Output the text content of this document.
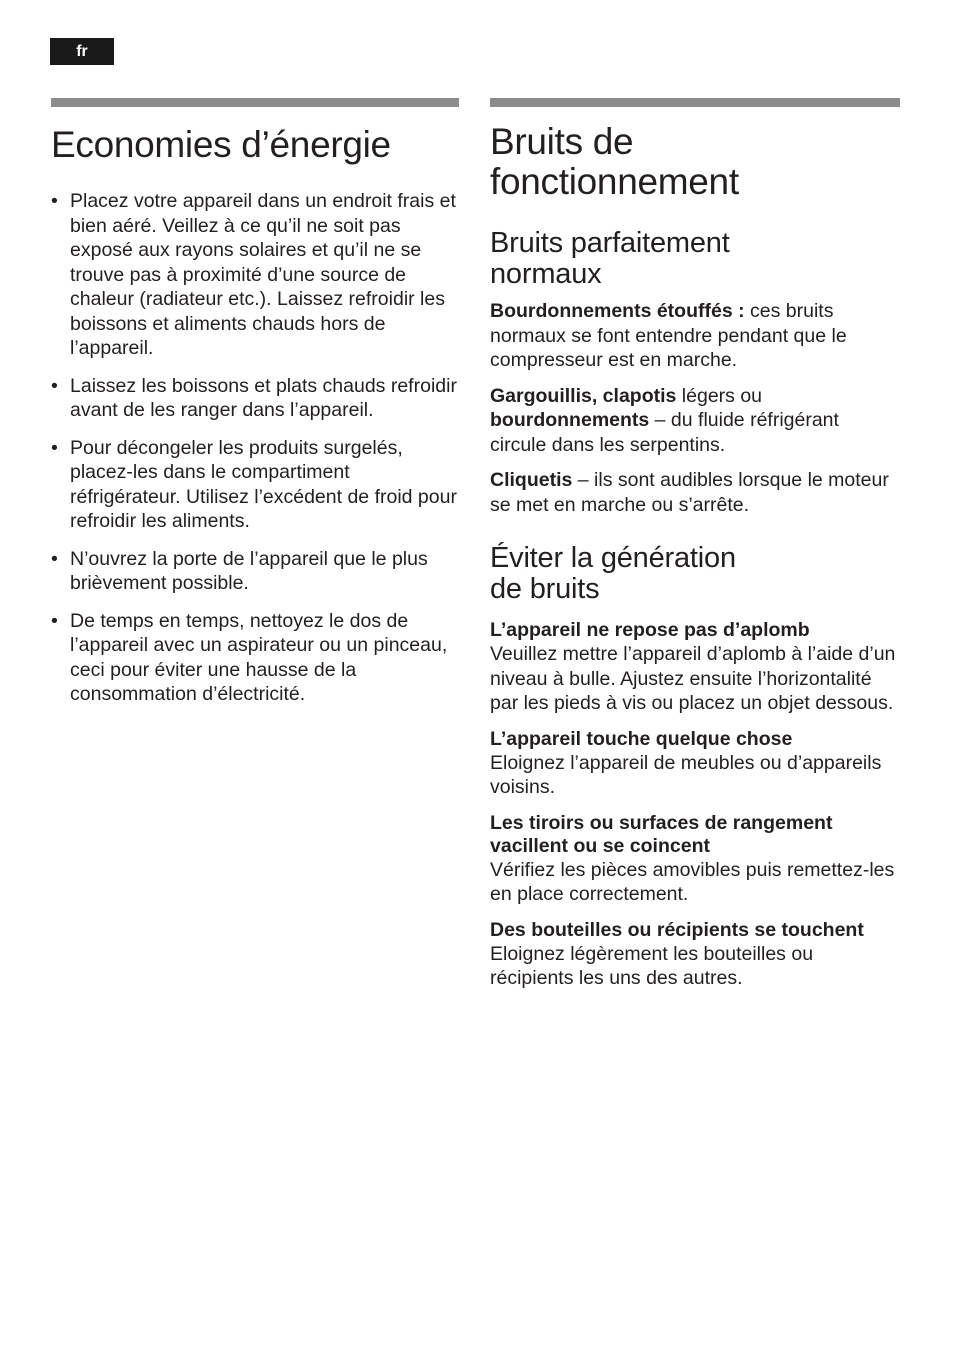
fr
Economies d’énergie
• Placez votre appareil dans un endroit frais et bien aéré. Veillez à ce qu’il ne soit pas exposé aux rayons solaires et qu’il ne se trouve pas à proximité d’une source de chaleur (radiateur etc.). Laissez refroidir les boissons et aliments chauds hors de l’appareil.
• Laissez les boissons et plats chauds refroidir avant de les ranger dans l’appareil.
• Pour décongeler les produits surgelés, placez-les dans le compartiment réfrigérateur. Utilisez l’excédent de froid pour refroidir les aliments.
• N’ouvrez la porte de l’appareil que le plus brièvement possible.
• De temps en temps, nettoyez le dos de l’appareil avec un aspirateur ou un pinceau, ceci pour éviter une hausse de la consommation d’électricité.
Bruits de
fonctionnement
Bruits parfaitement
normaux

Bourdonnements étouffés : ces bruits normaux se font entendre pendant que le compresseur est en marche.

Gargouillis, clapotis légers ou bourdonnements – du fluide réfrigérant circule dans les serpentins.

Cliquetis – ils sont audibles lorsque le moteur se met en marche ou s’arrête.

Éviter la génération
de bruits
L’appareil ne repose pas d’aplomb

Veuillez mettre l’appareil d’aplomb à l’aide d’un niveau à bulle. Ajustez ensuite l’horizontalité par les pieds à vis ou placez un objet dessous.

L’appareil touche quelque chose

Eloignez l’appareil de meubles ou d’appareils voisins.

Les tiroirs ou surfaces de rangement vacillent ou se coincent

Vérifiez les pièces amovibles puis remettez-les en place correctement.

Des bouteilles ou récipients se touchent

Eloignez légèrement les bouteilles ou récipients les uns des autres.
